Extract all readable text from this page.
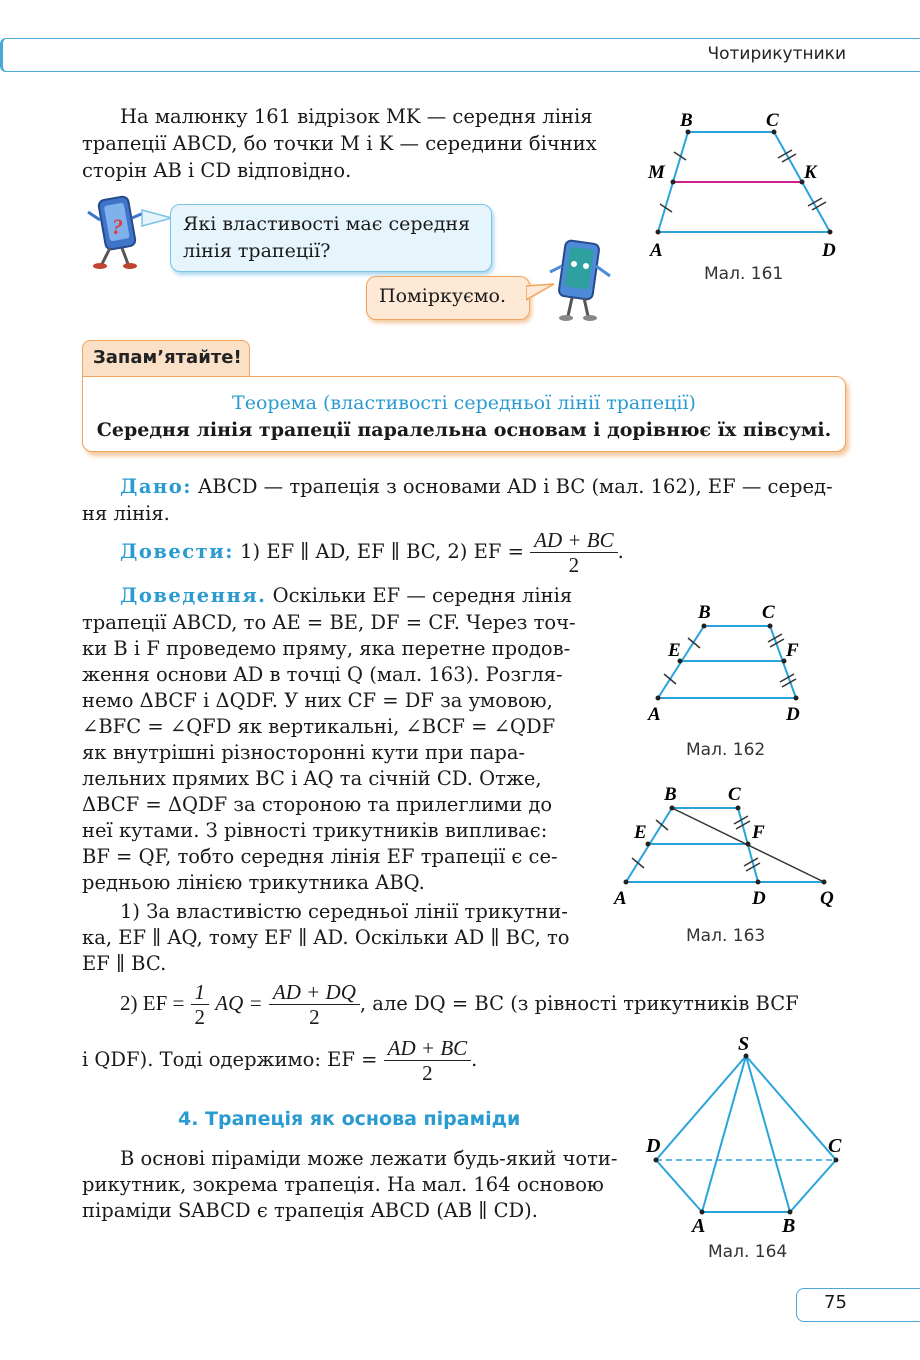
Чотирикутники
На малюнку 161 відрізок MK — середня лінія
трапеції ABCD, бо точки M і K — середини бічних
сторін AB і CD відповідно.
?	Які властивості має середня
лінія трапеції?
Поміркуємо.
B	C
M	K
A	D
Мал. 161
Запам’ятайте!
Теорема (властивості середньої лінії трапеції)
Середня лінія трапеції паралельна основам і дорівнює їх півсумі.
Дано: ABCD — трапеція з основами AD і BC (мал. 162), EF — серед-
ня лінія.
Довести: 1) EF ∥ AD, EF ∥ BC, 2) EF = $\frac{AD + BC}{2}$ .
Доведення. Оскільки EF — середня лінія
трапеції ABCD, то AE = BE, DF = CF. Через точ-
ки B і F проведемо пряму, яка перетне продов-
ження основи AD в точці Q (мал. 163). Розгля-
немо ΔBCF і ΔQDF. У них CF = DF за умовою,
∠BFC = ∠QFD як вертикальні, ∠BCF = ∠QDF
як внутрішні різносторонні кути при пара-
лельних прямих BC і AQ та січній CD. Отже,
ΔBCF = ΔQDF за стороною та прилеглими до
неї кутами. З рівності трикутників випливає:
BF = QF, тобто середня лінія EF трапеції є се-
редньою лінією трикутника ABQ.
1) За властивістю середньої лінії трикутни-
ка, EF ∥ AQ, тому EF ∥ AD. Оскільки AD ∥ BC, то
EF ∥ BC.
B	C
E	F
A	D
Мал. 162
B	C
E	F
A	D	Q
Мал. 163
2) EF = $\frac{1}{2}$ AQ = $\frac{AD + DQ}{2}$ , але DQ = BC (з рівності трикутників BCF
і QDF). Тоді одержимо: EF = $\frac{AD + BC}{2}$ .
4. Трапеція як основа піраміди
В основі піраміди може лежати будь-який чоти-
рикутник, зокрема трапеція. На мал. 164 основою
піраміди SABCD є трапеція ABCD (AB ∥ CD).
S
D	C
A	B
Мал. 164
75
